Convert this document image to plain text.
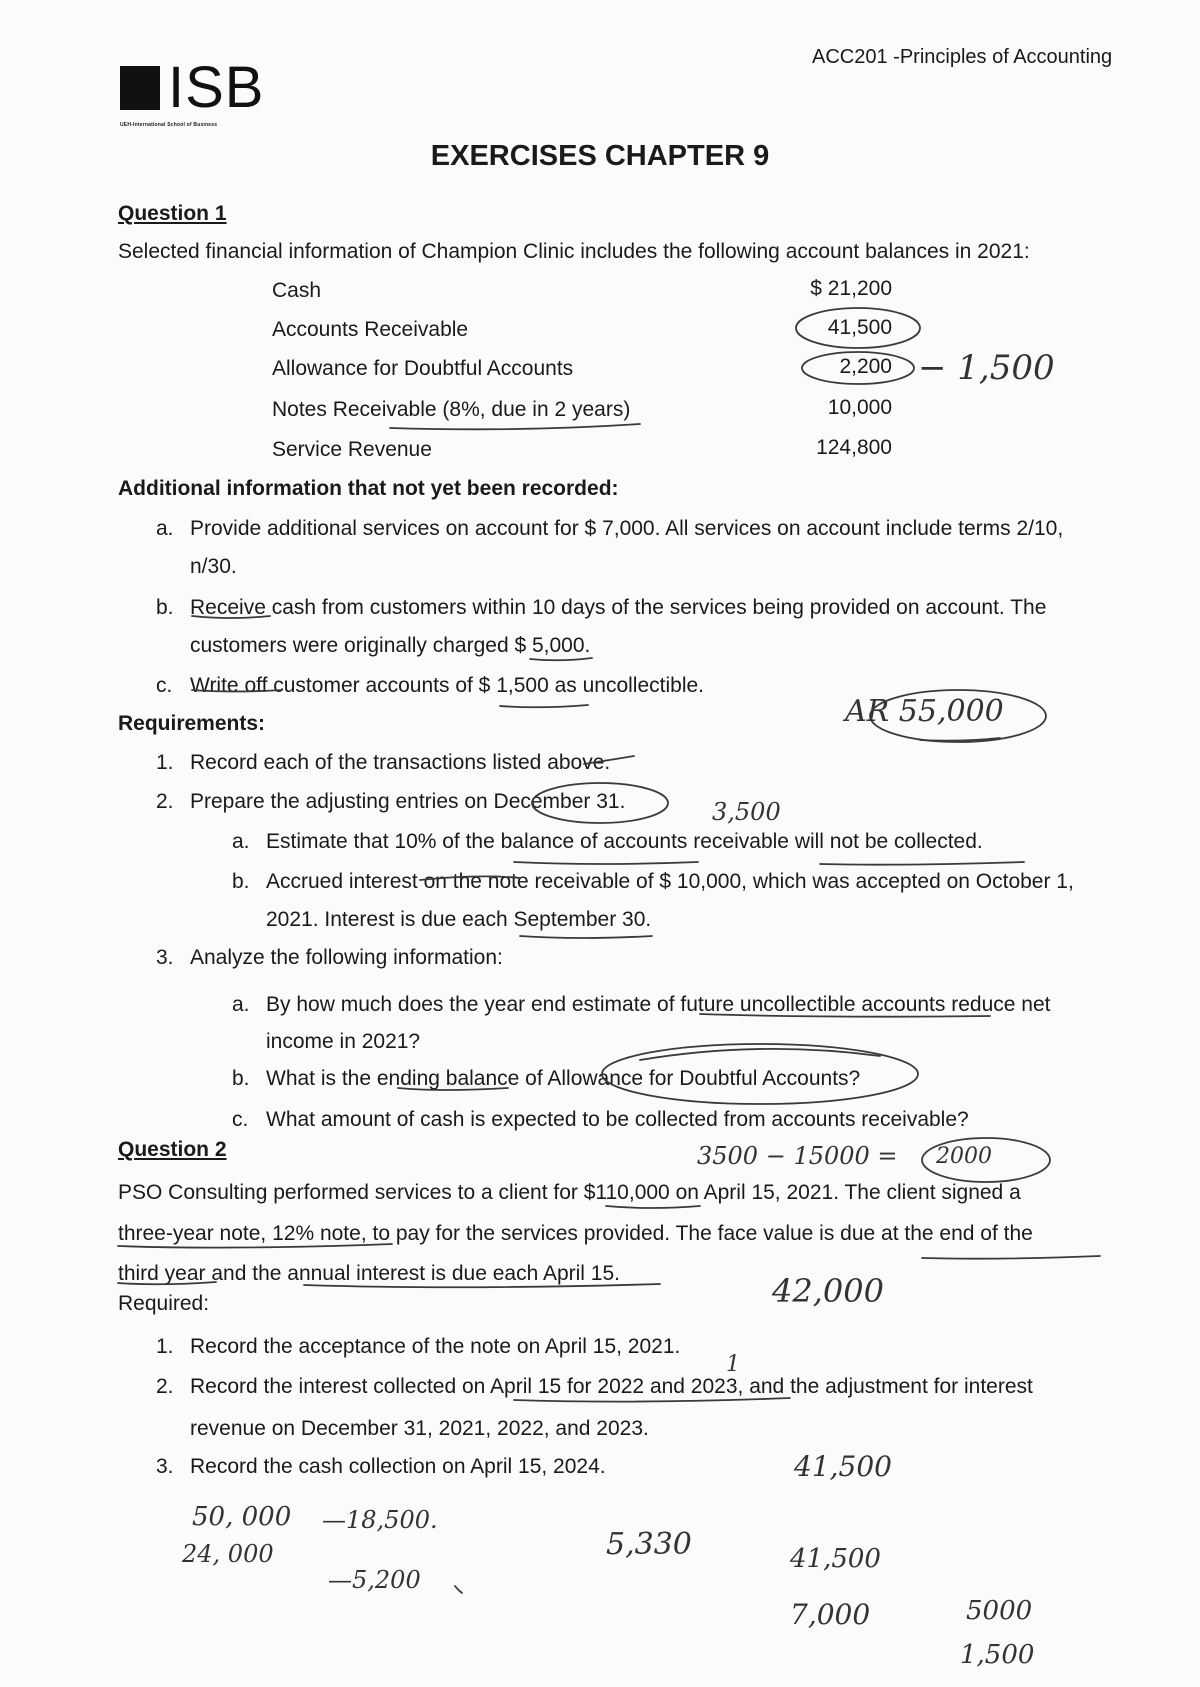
ACC201 -Principles of Accounting
ISB
UEH-International School of Business
EXERCISES CHAPTER 9
Question 1
Selected financial information of Champion Clinic includes the following account balances in 2021:
Cash	$ 21,200
Accounts Receivable	41,500
Allowance for Doubtful Accounts	2,200
Notes Receivable (8%, due in 2 years)	10,000
Service Revenue	124,800
Additional information that not yet been recorded:
a. Provide additional services on account for $ 7,000. All services on account include terms 2/10,
n/30.
b. Receive cash from customers within 10 days of the services being provided on account. The
customers were originally charged $ 5,000.
c. Write off customer accounts of $ 1,500 as uncollectible.
Requirements:
1. Record each of the transactions listed above.
2. Prepare the adjusting entries on December 31.
a. Estimate that 10% of the balance of accounts receivable will not be collected.
b. Accrued interest on the note receivable of $ 10,000, which was accepted on October 1,
2021. Interest is due each September 30.
3. Analyze the following information:
a. By how much does the year end estimate of future uncollectible accounts reduce net
income in 2021?
b. What is the ending balance of Allowance for Doubtful Accounts?
c. What amount of cash is expected to be collected from accounts receivable?
Question 2
PSO Consulting performed services to a client for $110,000 on April 15, 2021. The client signed a
three-year note, 12% note, to pay for the services provided. The face value is due at the end of the
third year and the annual interest is due each April 15.
Required:
1. Record the acceptance of the note on April 15, 2021.
2. Record the interest collected on April 15 for 2022 and 2023, and the adjustment for interest
revenue on December 31, 2021, 2022, and 2023.
3. Record the cash collection on April 15, 2024.
− 1,500
AR 55,000
3,500
3500 − 15000 = 2000
42,000
1
41,500
50, 000 —18,500.
24, 000
—5,200
5,330	41,500
7,000	5000
1,500
